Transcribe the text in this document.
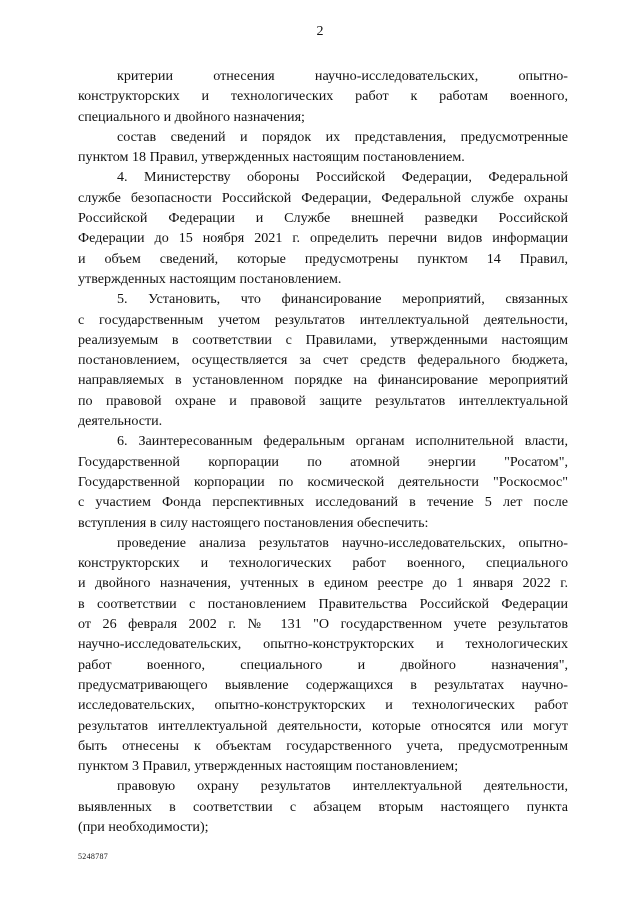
2
критерии отнесения научно-исследовательских, опытно-
конструкторских и технологических работ к работам военного,
специального и двойного назначения;
состав сведений и порядок их представления, предусмотренные
пунктом 18 Правил, утвержденных настоящим постановлением.
4. Министерству обороны Российской Федерации, Федеральной
службе безопасности Российской Федерации, Федеральной службе охраны
Российской Федерации и Службе внешней разведки Российской
Федерации до 15 ноября 2021 г. определить перечни видов информации
и объем сведений, которые предусмотрены пунктом 14 Правил,
утвержденных настоящим постановлением.
5. Установить, что финансирование мероприятий, связанных
с государственным учетом результатов интеллектуальной деятельности,
реализуемым в соответствии с Правилами, утвержденными настоящим
постановлением, осуществляется за счет средств федерального бюджета,
направляемых в установленном порядке на финансирование мероприятий
по правовой охране и правовой защите результатов интеллектуальной
деятельности.
6. Заинтересованным федеральным органам исполнительной власти,
Государственной корпорации по атомной энергии "Росатом",
Государственной корпорации по космической деятельности "Роскосмос"
с участием Фонда перспективных исследований в течение 5 лет после
вступления в силу настоящего постановления обеспечить:
проведение анализа результатов научно-исследовательских, опытно-
конструкторских и технологических работ военного, специального
и двойного назначения, учтенных в едином реестре до 1 января 2022 г.
в соответствии с постановлением Правительства Российской Федерации
от 26 февраля 2002 г. № 131 "О государственном учете результатов
научно-исследовательских, опытно-конструкторских и технологических
работ военного, специального и двойного назначения",
предусматривающего выявление содержащихся в результатах научно-
исследовательских, опытно-конструкторских и технологических работ
результатов интеллектуальной деятельности, которые относятся или могут
быть отнесены к объектам государственного учета, предусмотренным
пунктом 3 Правил, утвержденных настоящим постановлением;
правовую охрану результатов интеллектуальной деятельности,
выявленных в соответствии с абзацем вторым настоящего пункта
(при необходимости);
5248787
